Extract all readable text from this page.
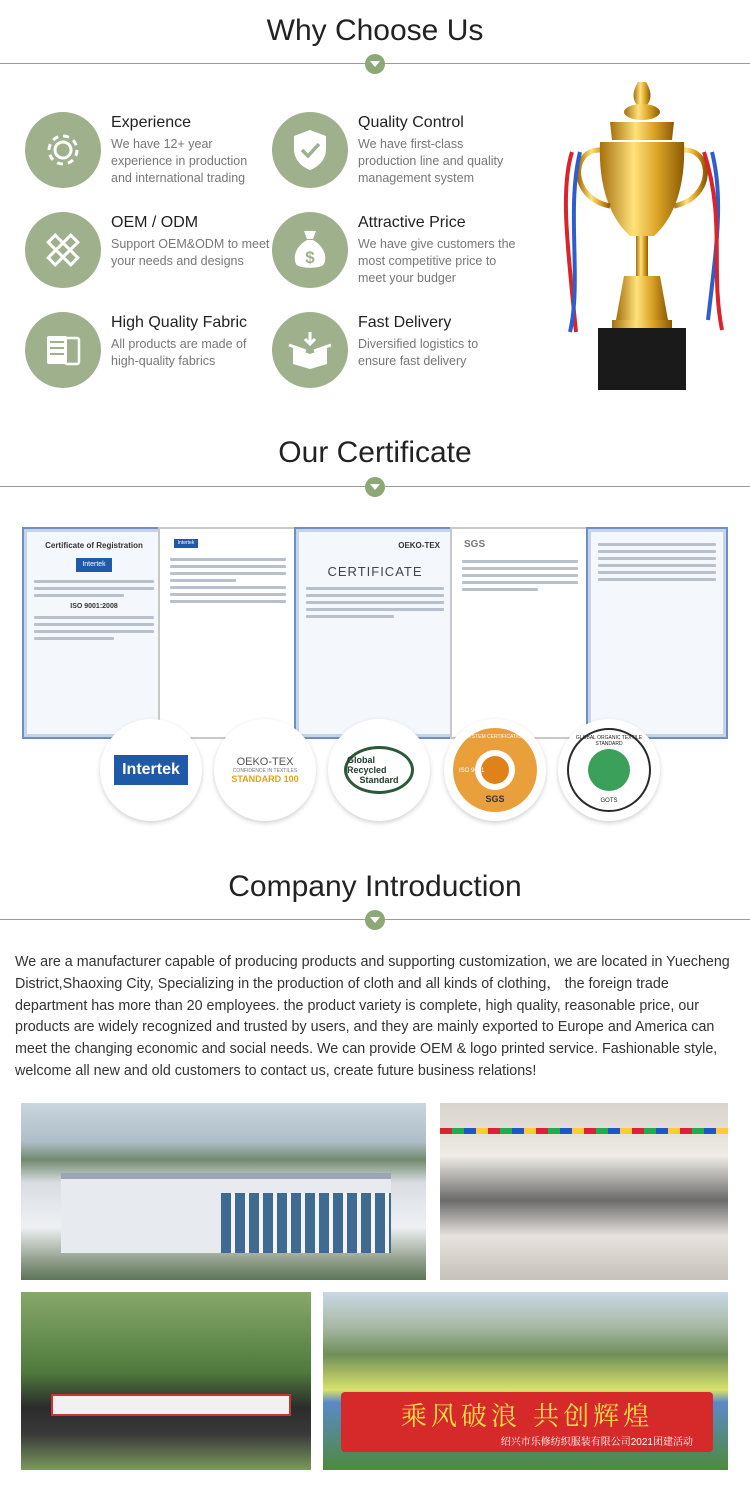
Why Choose Us
Experience
We have 12+ year experience in production and international trading
Quality Control
We have first-class production line and quality management system
OEM / ODM
Support OEM&ODM to meet your needs and designs	$
Attractive Price
We have give customers the most competitive price to meet your budger
High Quality Fabric
All products are made of high-quality fabrics
Fast Delivery
Diversified logistics to ensure fast delivery
Our Certificate
Certificate of Registration
Intertek
ISO 9001:2008
Intertek	OEKO-TEX
CERTIFICATE
SGS
Intertek	OEKO-TEX
CONFIDENCE IN TEXTILES
STANDARD 100
Global Recycled
Standard
SYSTEM CERTIFICATION
ISO 9001
SGS
GLOBAL ORGANIC TEXTILE STANDARD
GOTS
Company Introduction

We are a manufacturer capable of producing products and supporting customization, we are located in Yuecheng District,Shaoxing City, Specializing in the production of cloth and all kinds of clothing， the foreign trade department has more than 20 employees. the product variety is complete, high quality, reasonable price, our products are widely recognized and trusted by users, and they are mainly exported to Europe and America can meet the changing economic and social needs. We can provide OEM & logo printed service. Fashionable style, welcome all new and old customers to contact us, create future business relations!

乘风破浪 共创辉煌
绍兴市乐修纺织服装有限公司2021团建活动
